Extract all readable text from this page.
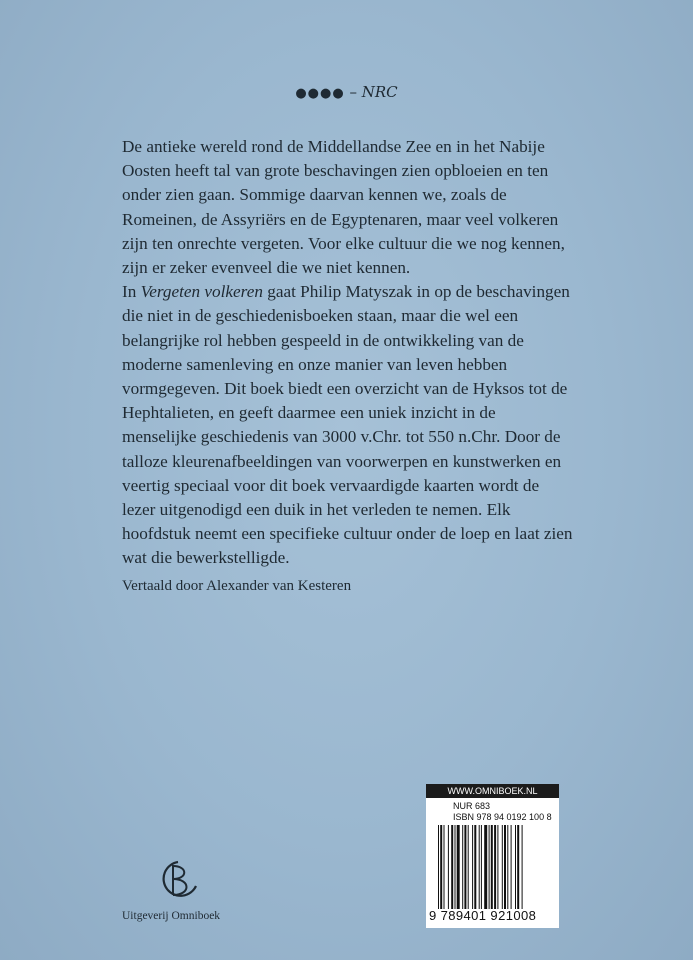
●●●● – NRC

De antieke wereld rond de Middellandse Zee en in het Nabije Oosten heeft tal van grote beschavingen zien opbloeien en ten onder zien gaan. Sommige daarvan kennen we, zoals de Romeinen, de Assyriërs en de Egyptenaren, maar veel volkeren zijn ten onrechte vergeten. Voor elke cultuur die we nog kennen, zijn er zeker evenveel die we niet kennen.

In Vergeten volkeren gaat Philip Matyszak in op de beschavingen die niet in de geschiedenisboeken staan, maar die wel een belangrijke rol hebben gespeeld in de ontwikkeling van de moderne samenleving en onze manier van leven hebben vormgegeven. Dit boek biedt een overzicht van de Hyksos tot de Hephtalieten, en geeft daarmee een uniek inzicht in de menselijke geschiedenis van 3000 v.Chr. tot 550 n.Chr. Door de talloze kleurenafbeeldingen van voorwerpen en kunstwerken en veertig speciaal voor dit boek vervaardigde kaarten wordt de lezer uitgenodigd een duik in het verleden te nemen. Elk hoofdstuk neemt een specifieke cultuur onder de loep en laat zien wat die bewerkstelligde.

Vertaald door Alexander van Kesteren
WWW.OMNIBOEK.NL
NUR 683
ISBN 978 94 0192 100 8
9 789401 921008
Uitgeverij Omniboek
